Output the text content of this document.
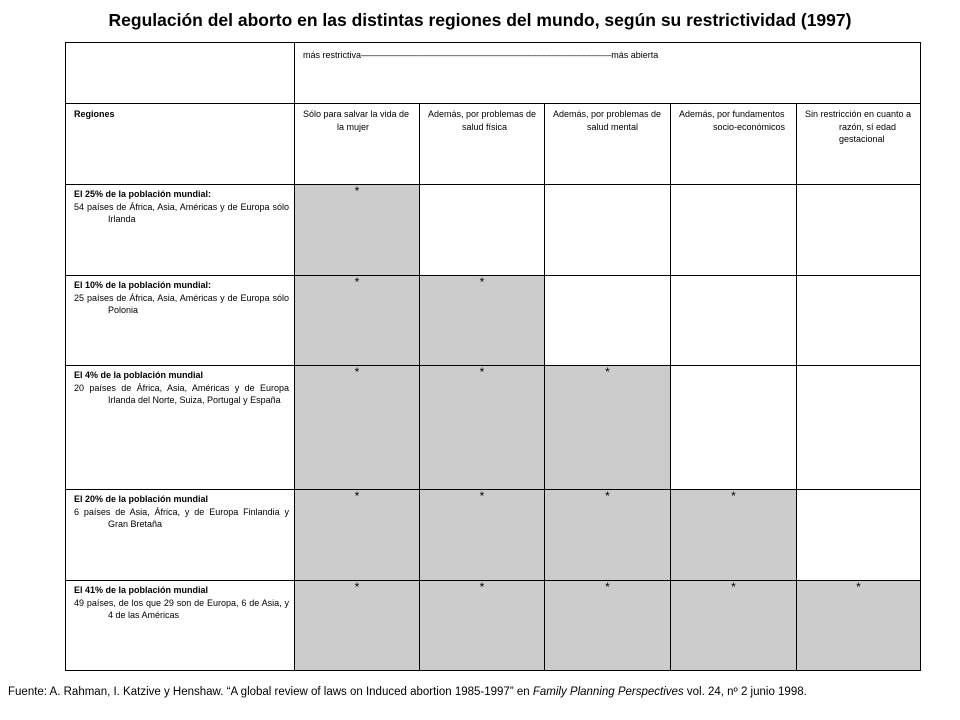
Regulación del aborto en las distintas regiones del mundo, según su restrictividad (1997)

	más restrictiva––––––––––––––––––––––––––––––––––––––––––––––––––más abierta				

Regiones	Sólo para salvar la vida de la mujer	Además, por problemas de salud física	Además, por problemas de salud mental	Además, por fundamentos socio-económicos	Sin restricción en cuanto a razón, sí edad gestacional

El 25% de la población mundial:
54 países de África, Asia, Américas y de Europa sólo Irlanda	*				

El 10% de la población mundial:
25 países de África, Asia, Américas y de Europa sólo Polonia	*	*			

El 4% de la población mundial
20 países de África, Asia, Américas y de Europa Irlanda del Norte, Suiza, Portugal y España	*	*	*		

El 20% de la población mundial
6 países de Asia, África, y de Europa Finlandia y Gran Bretaña	*	*	*	*	

El 41% de la población mundial
49 países, de los que 29 son de Europa, 6 de Asia, y 4 de las Américas	*	*	*	*	*
Fuente: A. Rahman, I. Katzive y Henshaw. “A global review of laws on Induced abortion 1985-1997” en Family Planning Perspectives vol. 24, nº 2 junio 1998.
